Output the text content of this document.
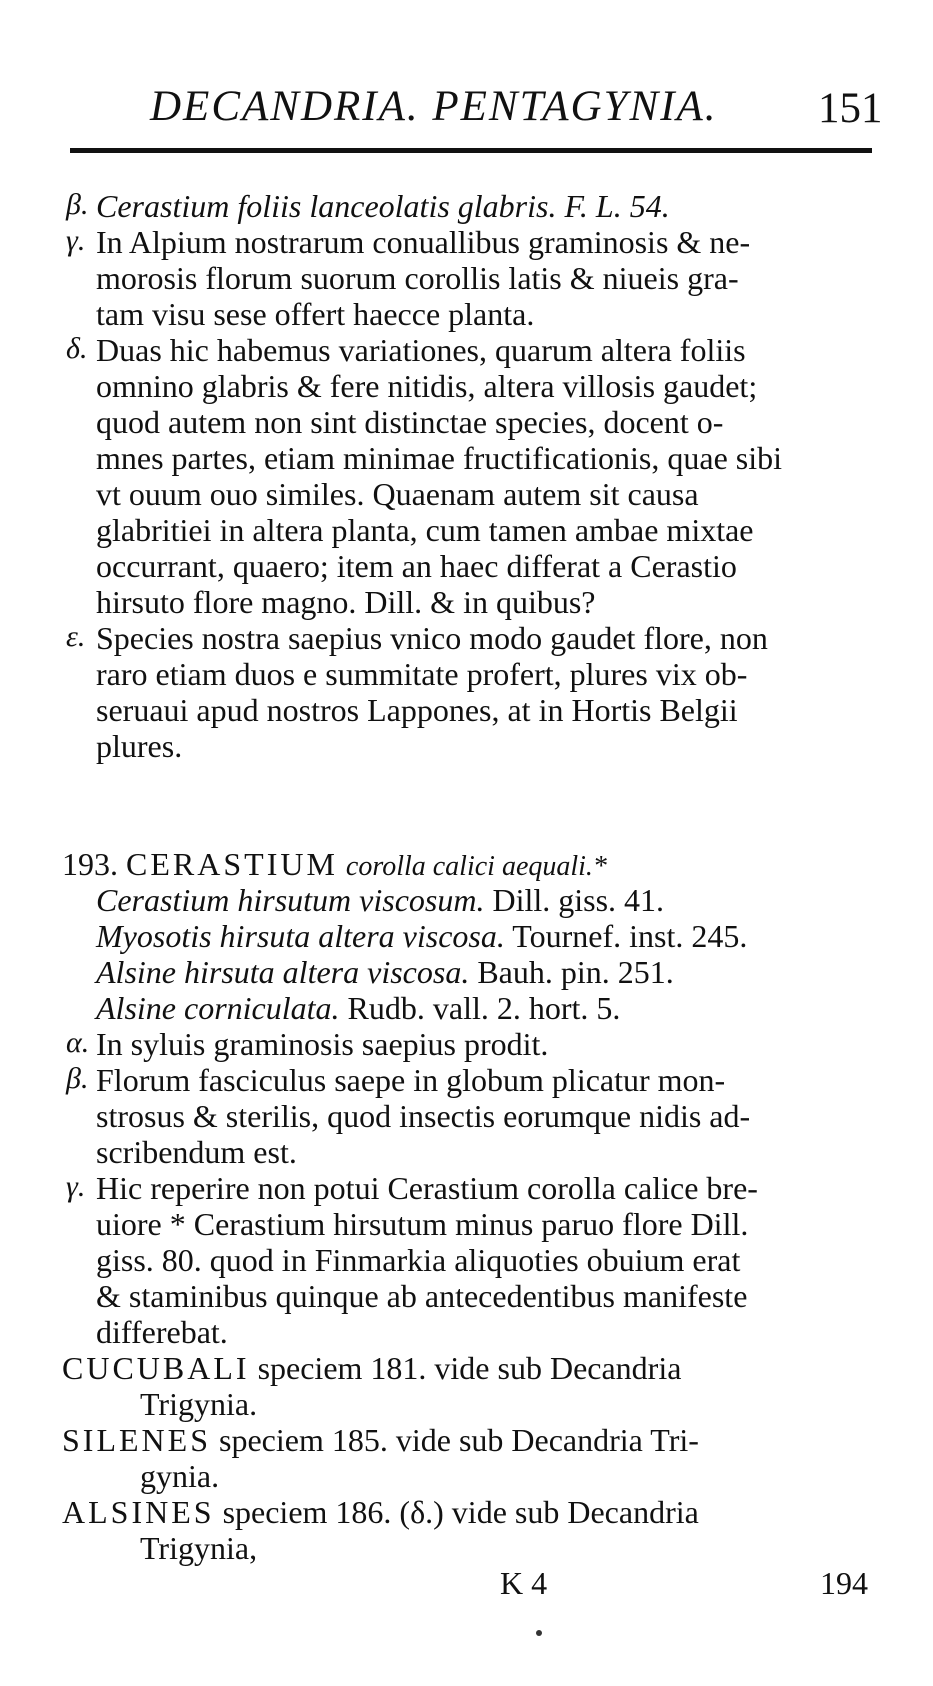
DECANDRIA. PENTAGYNIA. 151
β. Cerastium foliis lanceolatis glabris. F. L. 54.
γ. In Alpium nostrarum conuallibus graminosis & ne-
morosis florum suorum corollis latis & niueis gra-
tam visu sese offert haecce planta.
δ. Duas hic habemus variationes, quarum altera foliis
omnino glabris & fere nitidis, altera villosis gaudet;
quod autem non sint distinctae species, docent o-
mnes partes, etiam minimae fructificationis, quae sibi
vt ouum ouo similes. Quaenam autem sit causa
glabritiei in altera planta, cum tamen ambae mixtae
occurrant, quaero; item an haec differat a Cerastio
hirsuto flore magno. Dill. & in quibus?
ε. Species nostra saepius vnico modo gaudet flore, non
raro etiam duos e summitate profert, plures vix ob-
seruaui apud nostros Lappones, at in Hortis Belgii
plures.
193. CERASTIUM corolla calici aequali.*
Cerastium hirsutum viscosum. Dill. giss. 41.
Myosotis hirsuta altera viscosa. Tournef. inst. 245.
Alsine hirsuta altera viscosa. Bauh. pin. 251.
Alsine corniculata. Rudb. vall. 2. hort. 5.
α. In syluis graminosis saepius prodit.
β. Florum fasciculus saepe in globum plicatur mon-
strosus & sterilis, quod insectis eorumque nidis ad-
scribendum est.
γ. Hic reperire non potui Cerastium corolla calice bre-
uiore * Cerastium hirsutum minus paruo flore Dill.
giss. 80. quod in Finmarkia aliquoties obuium erat
& staminibus quinque ab antecedentibus manifeste
differebat.
CUCUBALI speciem 181. vide sub Decandria
Trigynia.
SILENES speciem 185. vide sub Decandria Tri-
gynia.
ALSINES speciem 186. (δ.) vide sub Decandria
Trigynia,
K 4	194
